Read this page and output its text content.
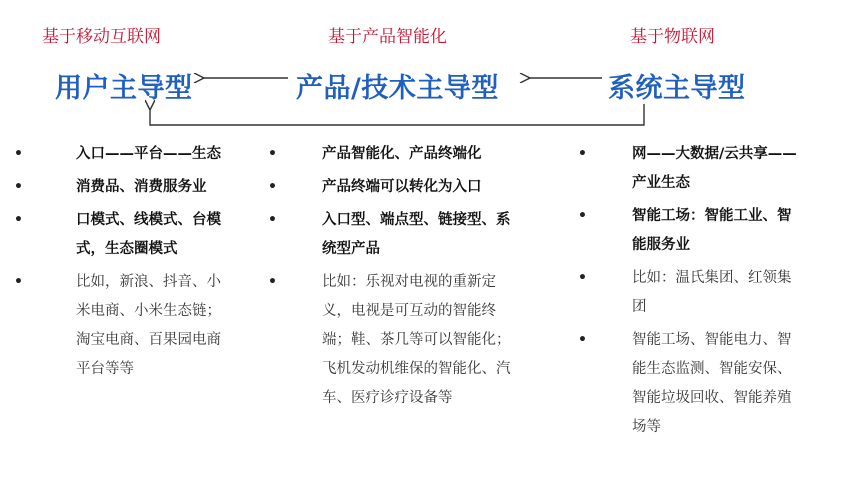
基于移动互联网	基于产品智能化	基于物联网
用户主导型	产品/技术主导型	系统主导型
•	入口——平台——生态
•	消费品、消费服务业
•	口模式、线模式、台模式，生态圈模式
•	比如，新浪、抖音、小米电商、小米生态链；淘宝电商、百果园电商平台等等
•	产品智能化、产品终端化
•	产品终端可以转化为入口
•	入口型、端点型、链接型、系统型产品
•	比如：乐视对电视的重新定义，电视是可互动的智能终端；鞋、茶几等可以智能化；飞机发动机维保的智能化、汽车、医疗诊疗设备等
•	网——大数据/云共享——产业生态
•	智能工场：智能工业、智能服务业
•	比如：温氏集团、红领集团
•	智能工场、智能电力、智能生态监测、智能安保、智能垃圾回收、智能养殖场等
